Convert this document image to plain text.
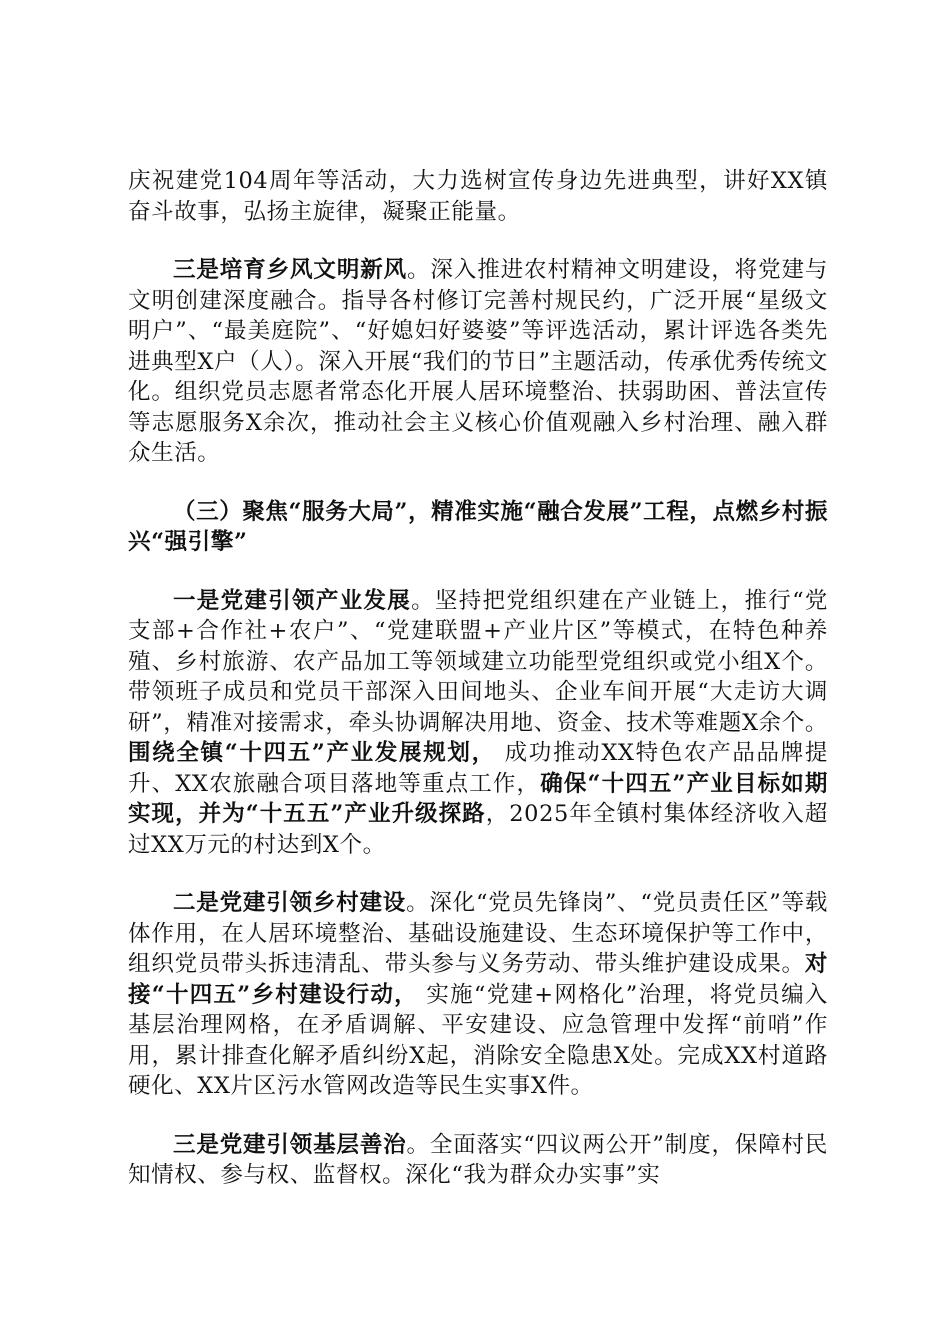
庆祝建党104周年等活动，大力选树宣传身边先进典型，讲好XX镇奋斗故事，弘扬主旋律，凝聚正能量。

三是培育乡风文明新风。深入推进农村精神文明建设，将党建与文明创建深度融合。指导各村修订完善村规民约，广泛开展“星级文明户”、“最美庭院”、“好媳妇好婆婆”等评选活动，累计评选各类先进典型X户（人）。深入开展“我们的节日”主题活动，传承优秀传统文化。组织党员志愿者常态化开展人居环境整治、扶弱助困、普法宣传等志愿服务X余次，推动社会主义核心价值观融入乡村治理、融入群众生活。

（三）聚焦“服务大局”，精准实施“融合发展”工程，点燃乡村振兴“强引擎”

一是党建引领产业发展。坚持把党组织建在产业链上，推行“党支部+合作社+农户”、“党建联盟+产业片区”等模式，在特色种养殖、乡村旅游、农产品加工等领域建立功能型党组织或党小组X个。带领班子成员和党员干部深入田间地头、企业车间开展“大走访大调研”，精准对接需求，牵头协调解决用地、资金、技术等难题X余个。围绕全镇“十四五”产业发展规划， 成功推动XX特色农产品品牌提升、XX农旅融合项目落地等重点工作，确保“十四五”产业目标如期实现，并为“十五五”产业升级探路，2025年全镇村集体经济收入超过XX万元的村达到X个。

二是党建引领乡村建设。深化“党员先锋岗”、“党员责任区”等载体作用，在人居环境整治、基础设施建设、生态环境保护等工作中，组织党员带头拆违清乱、带头参与义务劳动、带头维护建设成果。对接“十四五”乡村建设行动， 实施“党建+网格化”治理，将党员编入基层治理网格，在矛盾调解、平安建设、应急管理中发挥“前哨”作用，累计排查化解矛盾纠纷X起，消除安全隐患X处。完成XX村道路硬化、XX片区污水管网改造等民生实事X件。

三是党建引领基层善治。全面落实“四议两公开”制度，保障村民知情权、参与权、监督权。深化“我为群众办实事”实
